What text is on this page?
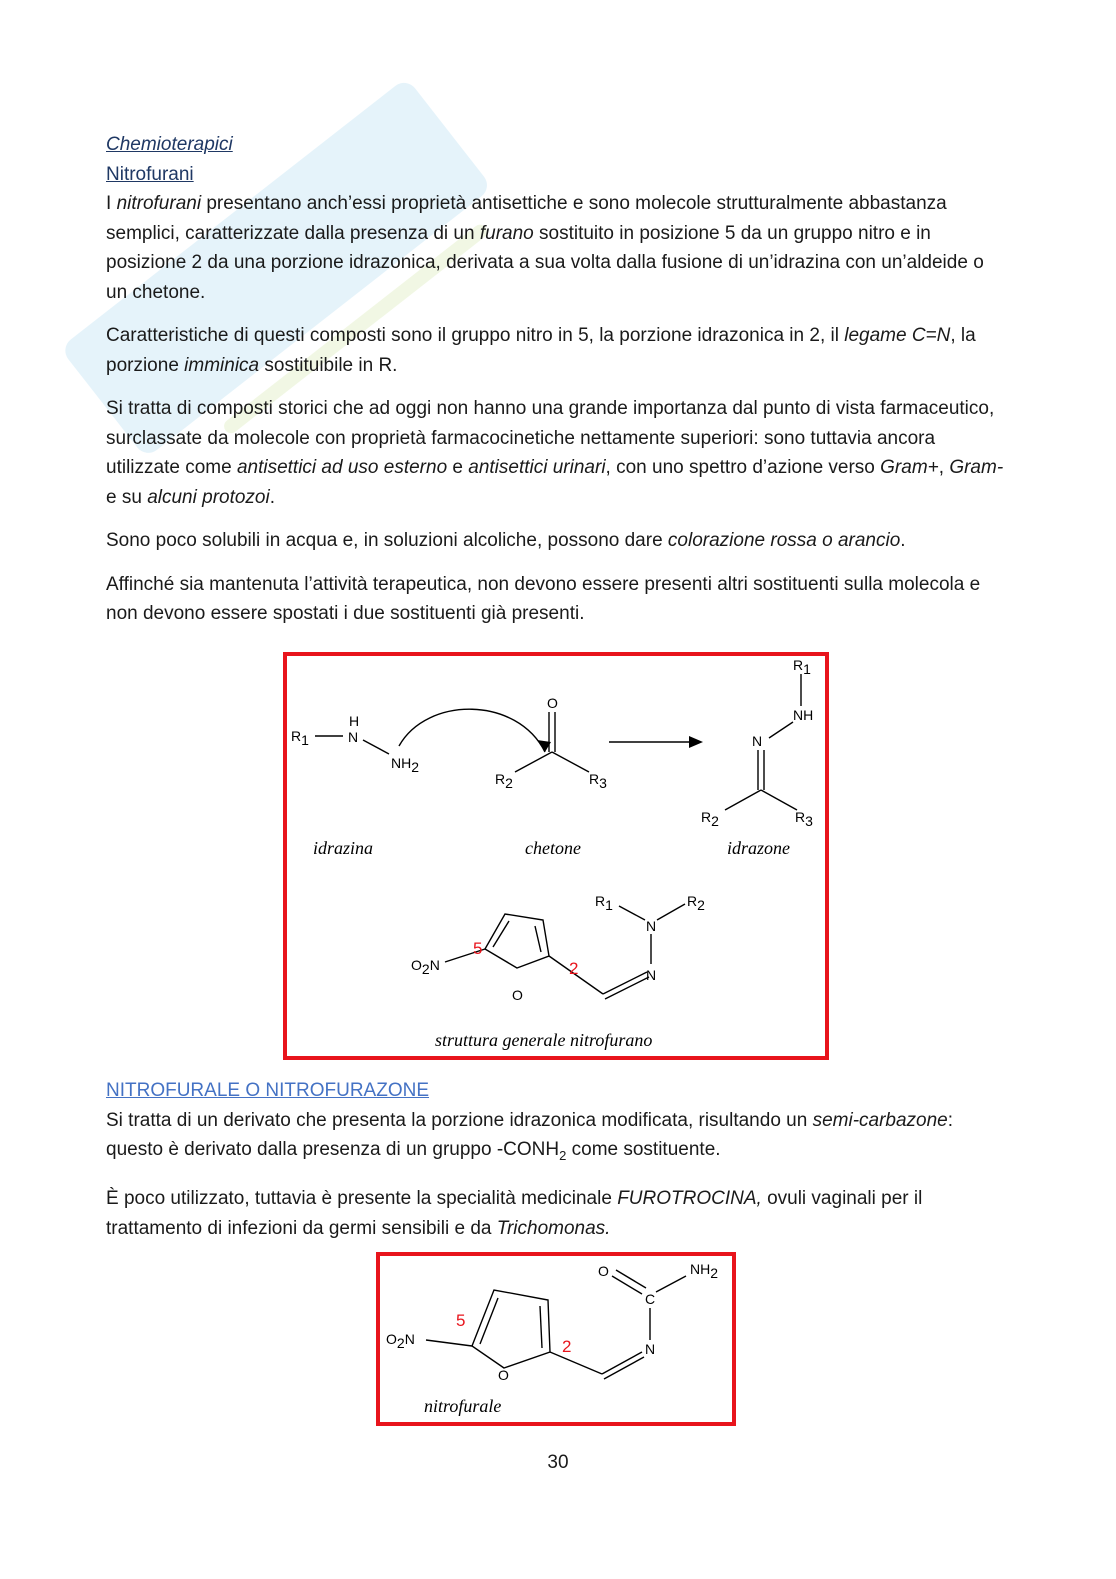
Chemioterapici
Nitrofurani

I nitrofurani presentano anch’essi proprietà antisettiche e sono molecole strutturalmente abbastanza semplici, caratterizzate dalla presenza di un furano sostituito in posizione 5 da un gruppo nitro e in posizione 2 da una porzione idrazonica, derivata a sua volta dalla fusione di un’idrazina con un’aldeide o un chetone.

Caratteristiche di questi composti sono il gruppo nitro in 5, la porzione idrazonica in 2, il legame C=N, la porzione imminica sostituibile in R.

Si tratta di composti storici che ad oggi non hanno una grande importanza dal punto di vista farmaceutico, surclassate da molecole con proprietà farmacocinetiche nettamente superiori: sono tuttavia ancora utilizzate come antisettici ad uso esterno e antisettici urinari, con uno spettro d’azione verso Gram+, Gram- e su alcuni protozoi.

Sono poco solubili in acqua e, in soluzioni alcoliche, possono dare colorazione rossa o arancio.

Affinché sia mantenuta l’attività terapeutica, non devono essere presenti altri sostituenti sulla molecola e non devono essere spostati i due sostituenti già presenti.

R1
H
N
NH2
O
R2	R3
R1
NH
N
R2	R3
idrazina	chetone	idrazone
O2N
O
5
2	N
N
R1	R2
struttura generale nitrofurano
NITROFURALE O NITROFURAZONE

Si tratta di un derivato che presenta la porzione idrazonica modificata, risultando un semi-carbazone: questo è derivato dalla presenza di un gruppo $-CONH_2$ come sostituente.

È poco utilizzato, tuttavia è presente la specialità medicinale FUROTROCINA, ovuli vaginali per il trattamento di infezioni da germi sensibili e da Trichomonas.

O	NH2
C
N
O2N
O
5
2
nitrofurale
30
